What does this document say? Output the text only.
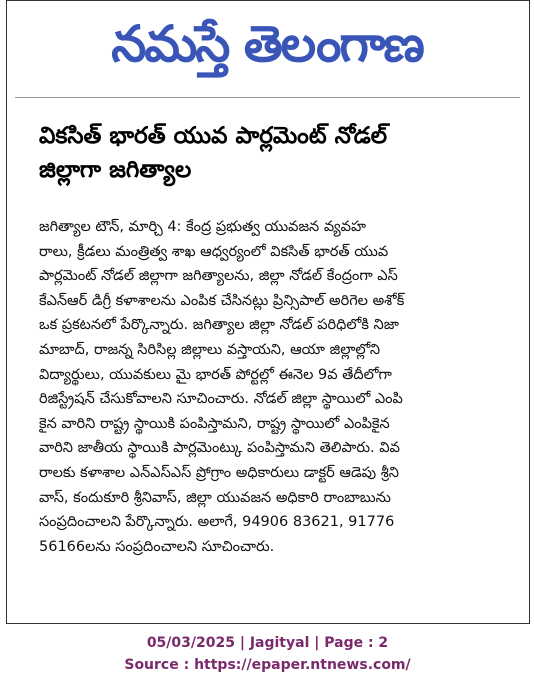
నమస్తే తెలంగాణ
వికసిత్ భారత్ యువ పార్లమెంట్ నోడల్
జిల్లాగా జగిత్యాల

జగిత్యాల టౌన్, మార్చి 4: కేంద్ర ప్రభుత్వ యువజన వ్యవహ

రాలు, క్రీడలు మంత్రిత్వ శాఖ ఆధ్వర్యంలో వికసిత్ భారత్ యువ

పార్లమెంట్ నోడల్ జిల్లాగా జగిత్యాలను, జిల్లా నోడల్ కేంద్రంగా ఎస్

కేఎన్ఆర్ డిగ్రీ కళాశాలను ఎంపిక చేసినట్లు ప్రిన్సిపాల్ అరిగెల అశోక్

ఒక ప్రకటనలో పేర్కొన్నారు. జగిత్యాల జిల్లా నోడల్ పరిధిలోకి నిజా

మాబాద్, రాజన్న సిరిసిల్ల జిల్లాలు వస్తాయని, ఆయా జిల్లాల్లోని

విద్యార్థులు, యువకులు మై భారత్ పోర్టల్లో ఈనెల 9వ తేదీలోగా

రిజిస్ట్రేషన్ చేసుకోవాలని సూచించారు. నోడల్ జిల్లా స్థాయిలో ఎంపి

కైన వారిని రాష్ట్ర స్థాయికి పంపిస్తామని, రాష్ట్ర స్థాయిలో ఎంపికైన

వారిని జాతీయ స్థాయికి పార్లమెంట్కు పంపిస్తామని తెలిపారు. వివ

రాలకు కళాశాల ఎన్ఎస్ఎస్ ప్రోగ్రాం అధికారులు డాక్టర్ ఆడెపు శ్రీని

వాస్, కందుకూరి శ్రీనివాస్, జిల్లా యువజన అధికారి రాంబాబును

సంప్రదించాలని పేర్కొన్నారు. అలాగే, 94906 83621, 91776

56166లను సంప్రదించాలని సూచించారు.

05/03/2025 | Jagityal | Page : 2
Source : https://epaper.ntnews.com/
